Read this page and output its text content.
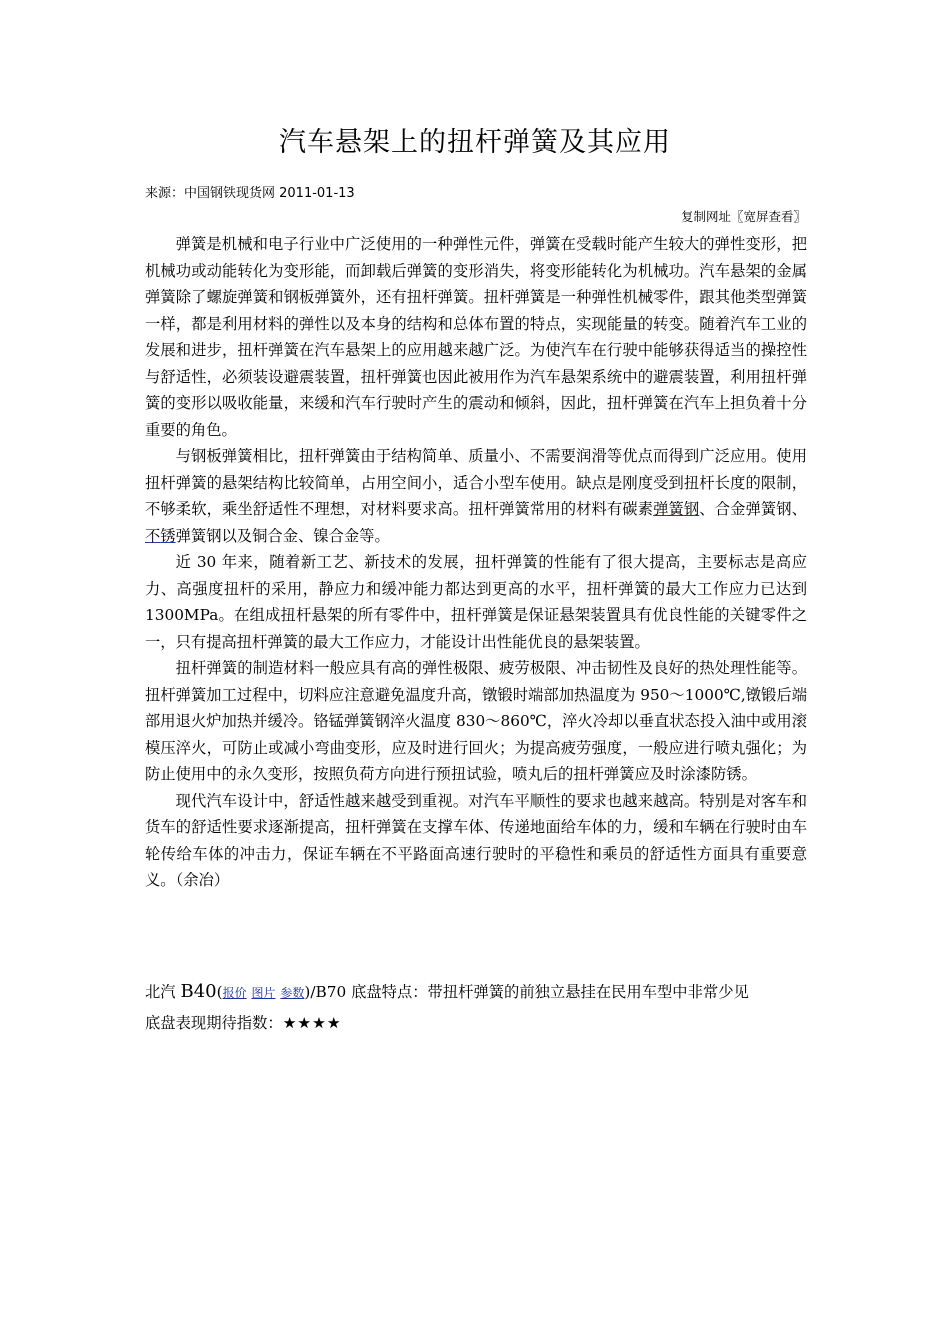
汽车悬架上的扭杆弹簧及其应用
来源：中国钢铁现货网 2011-01-13
复制网址〖宽屏查看〗

弹簧是机械和电子行业中广泛使用的一种弹性元件，弹簧在受载时能产生较大的弹性变形，把机械功或动能转化为变形能，而卸载后弹簧的变形消失，将变形能转化为机械功。汽车悬架的金属弹簧除了螺旋弹簧和钢板弹簧外，还有扭杆弹簧。扭杆弹簧是一种弹性机械零件，跟其他类型弹簧一样，都是利用材料的弹性以及本身的结构和总体布置的特点，实现能量的转变。随着汽车工业的发展和进步，扭杆弹簧在汽车悬架上的应用越来越广泛。为使汽车在行驶中能够获得适当的操控性与舒适性，必须装设避震装置，扭杆弹簧也因此被用作为汽车悬架系统中的避震装置，利用扭杆弹簧的变形以吸收能量，来缓和汽车行驶时产生的震动和倾斜，因此，扭杆弹簧在汽车上担负着十分重要的角色。

与钢板弹簧相比，扭杆弹簧由于结构简单、质量小、不需要润滑等优点而得到广泛应用。使用扭杆弹簧的悬架结构比较简单，占用空间小，适合小型车使用。缺点是刚度受到扭杆长度的限制，不够柔软，乘坐舒适性不理想，对材料要求高。扭杆弹簧常用的材料有碳素弹簧钢、合金弹簧钢、不锈弹簧钢以及铜合金、镍合金等。

近 30 年来，随着新工艺、新技术的发展，扭杆弹簧的性能有了很大提高，主要标志是高应力、高强度扭杆的采用，静应力和缓冲能力都达到更高的水平，扭杆弹簧的最大工作应力已达到 1300MPa。在组成扭杆悬架的所有零件中，扭杆弹簧是保证悬架装置具有优良性能的关键零件之一，只有提高扭杆弹簧的最大工作应力，才能设计出性能优良的悬架装置。

扭杆弹簧的制造材料一般应具有高的弹性极限、疲劳极限、冲击韧性及良好的热处理性能等。扭杆弹簧加工过程中，切料应注意避免温度升高，镦锻时端部加热温度为 950～1000℃,镦锻后端部用退火炉加热并缓冷。铬锰弹簧钢淬火温度 830～860℃，淬火冷却以垂直状态投入油中或用滚模压淬火，可防止或减小弯曲变形，应及时进行回火；为提高疲劳强度，一般应进行喷丸强化；为防止使用中的永久变形，按照负荷方向进行预扭试验，喷丸后的扭杆弹簧应及时涂漆防锈。

现代汽车设计中，舒适性越来越受到重视。对汽车平顺性的要求也越来越高。特别是对客车和货车的舒适性要求逐渐提高，扭杆弹簧在支撑车体、传递地面给车体的力，缓和车辆在行驶时由车轮传给车体的冲击力，保证车辆在不平路面高速行驶时的平稳性和乘员的舒适性方面具有重要意义。（余冶）

北汽 B40(报价 图片 参数)/B70 底盘特点：带扭杆弹簧的前独立悬挂在民用车型中非常少见
底盘表现期待指数：★★★★
